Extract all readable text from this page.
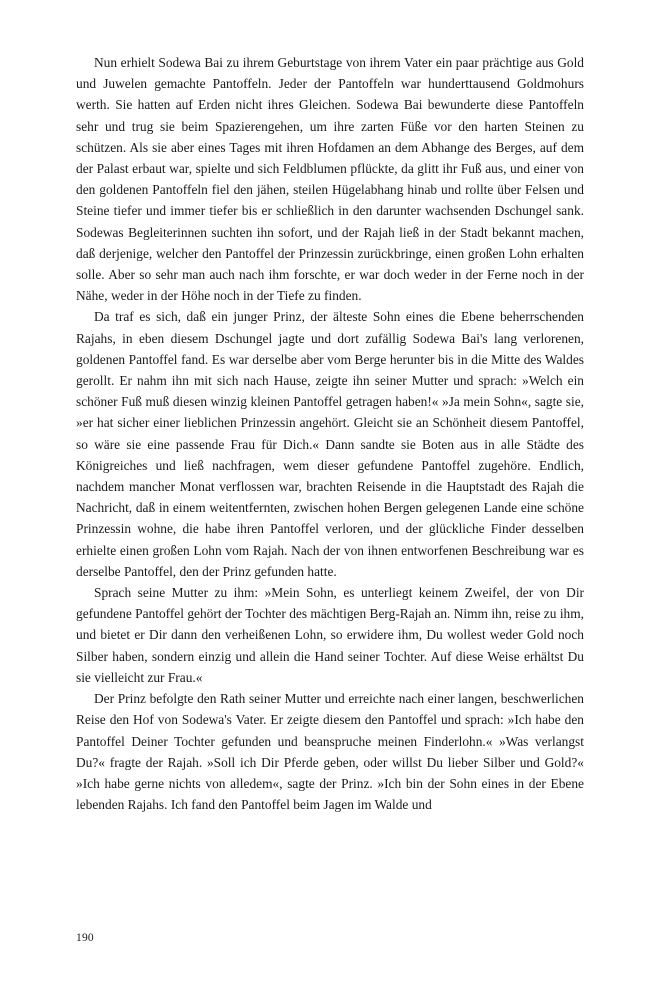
Nun erhielt Sodewa Bai zu ihrem Geburtstage von ihrem Vater ein paar prächtige aus Gold und Juwelen gemachte Pantoffeln. Jeder der Pantoffeln war hunderttausend Goldmohurs werth. Sie hatten auf Erden nicht ihres Gleichen. Sodewa Bai bewunderte diese Pantoffeln sehr und trug sie beim Spazierengehen, um ihre zarten Füße vor den harten Steinen zu schützen. Als sie aber eines Tages mit ihren Hofdamen an dem Abhange des Berges, auf dem der Palast erbaut war, spielte und sich Feldblumen pflückte, da glitt ihr Fuß aus, und einer von den goldenen Pantoffeln fiel den jähen, steilen Hügelabhang hinab und rollte über Felsen und Steine tiefer und immer tiefer bis er schließlich in den darunter wachsenden Dschungel sank. Sodewas Begleiterinnen suchten ihn sofort, und der Rajah ließ in der Stadt bekannt machen, daß derjenige, welcher den Pantoffel der Prinzessin zurückbringe, einen großen Lohn erhalten solle. Aber so sehr man auch nach ihm forschte, er war doch weder in der Ferne noch in der Nähe, weder in der Höhe noch in der Tiefe zu finden.

Da traf es sich, daß ein junger Prinz, der älteste Sohn eines die Ebene beherrschenden Rajahs, in eben diesem Dschungel jagte und dort zufällig Sodewa Bai's lang verlorenen, goldenen Pantoffel fand. Es war derselbe aber vom Berge herunter bis in die Mitte des Waldes gerollt. Er nahm ihn mit sich nach Hause, zeigte ihn seiner Mutter und sprach: »Welch ein schöner Fuß muß diesen winzig kleinen Pantoffel getragen haben!« »Ja mein Sohn«, sagte sie, »er hat sicher einer lieblichen Prinzessin angehört. Gleicht sie an Schönheit diesem Pantoffel, so wäre sie eine passende Frau für Dich.« Dann sandte sie Boten aus in alle Städte des Königreiches und ließ nachfragen, wem dieser gefundene Pantoffel zugehöre. Endlich, nachdem mancher Monat verflossen war, brachten Reisende in die Hauptstadt des Rajah die Nachricht, daß in einem weitentfernten, zwischen hohen Bergen gelegenen Lande eine schöne Prinzessin wohne, die habe ihren Pantoffel verloren, und der glückliche Finder desselben erhielte einen großen Lohn vom Rajah. Nach der von ihnen entworfenen Beschreibung war es derselbe Pantoffel, den der Prinz gefunden hatte.

Sprach seine Mutter zu ihm: »Mein Sohn, es unterliegt keinem Zweifel, der von Dir gefundene Pantoffel gehört der Tochter des mächtigen Berg-Rajah an. Nimm ihn, reise zu ihm, und bietet er Dir dann den verheißenen Lohn, so erwidere ihm, Du wollest weder Gold noch Silber haben, sondern einzig und allein die Hand seiner Tochter. Auf diese Weise erhältst Du sie vielleicht zur Frau.«

Der Prinz befolgte den Rath seiner Mutter und erreichte nach einer langen, beschwerlichen Reise den Hof von Sodewa's Vater. Er zeigte diesem den Pantoffel und sprach: »Ich habe den Pantoffel Deiner Tochter gefunden und beanspruche meinen Finderlohn.« »Was verlangst Du?« fragte der Rajah. »Soll ich Dir Pferde geben, oder willst Du lieber Silber und Gold?« »Ich habe gerne nichts von alledem«, sagte der Prinz. »Ich bin der Sohn eines in der Ebene lebenden Rajahs. Ich fand den Pantoffel beim Jagen im Walde und

190
